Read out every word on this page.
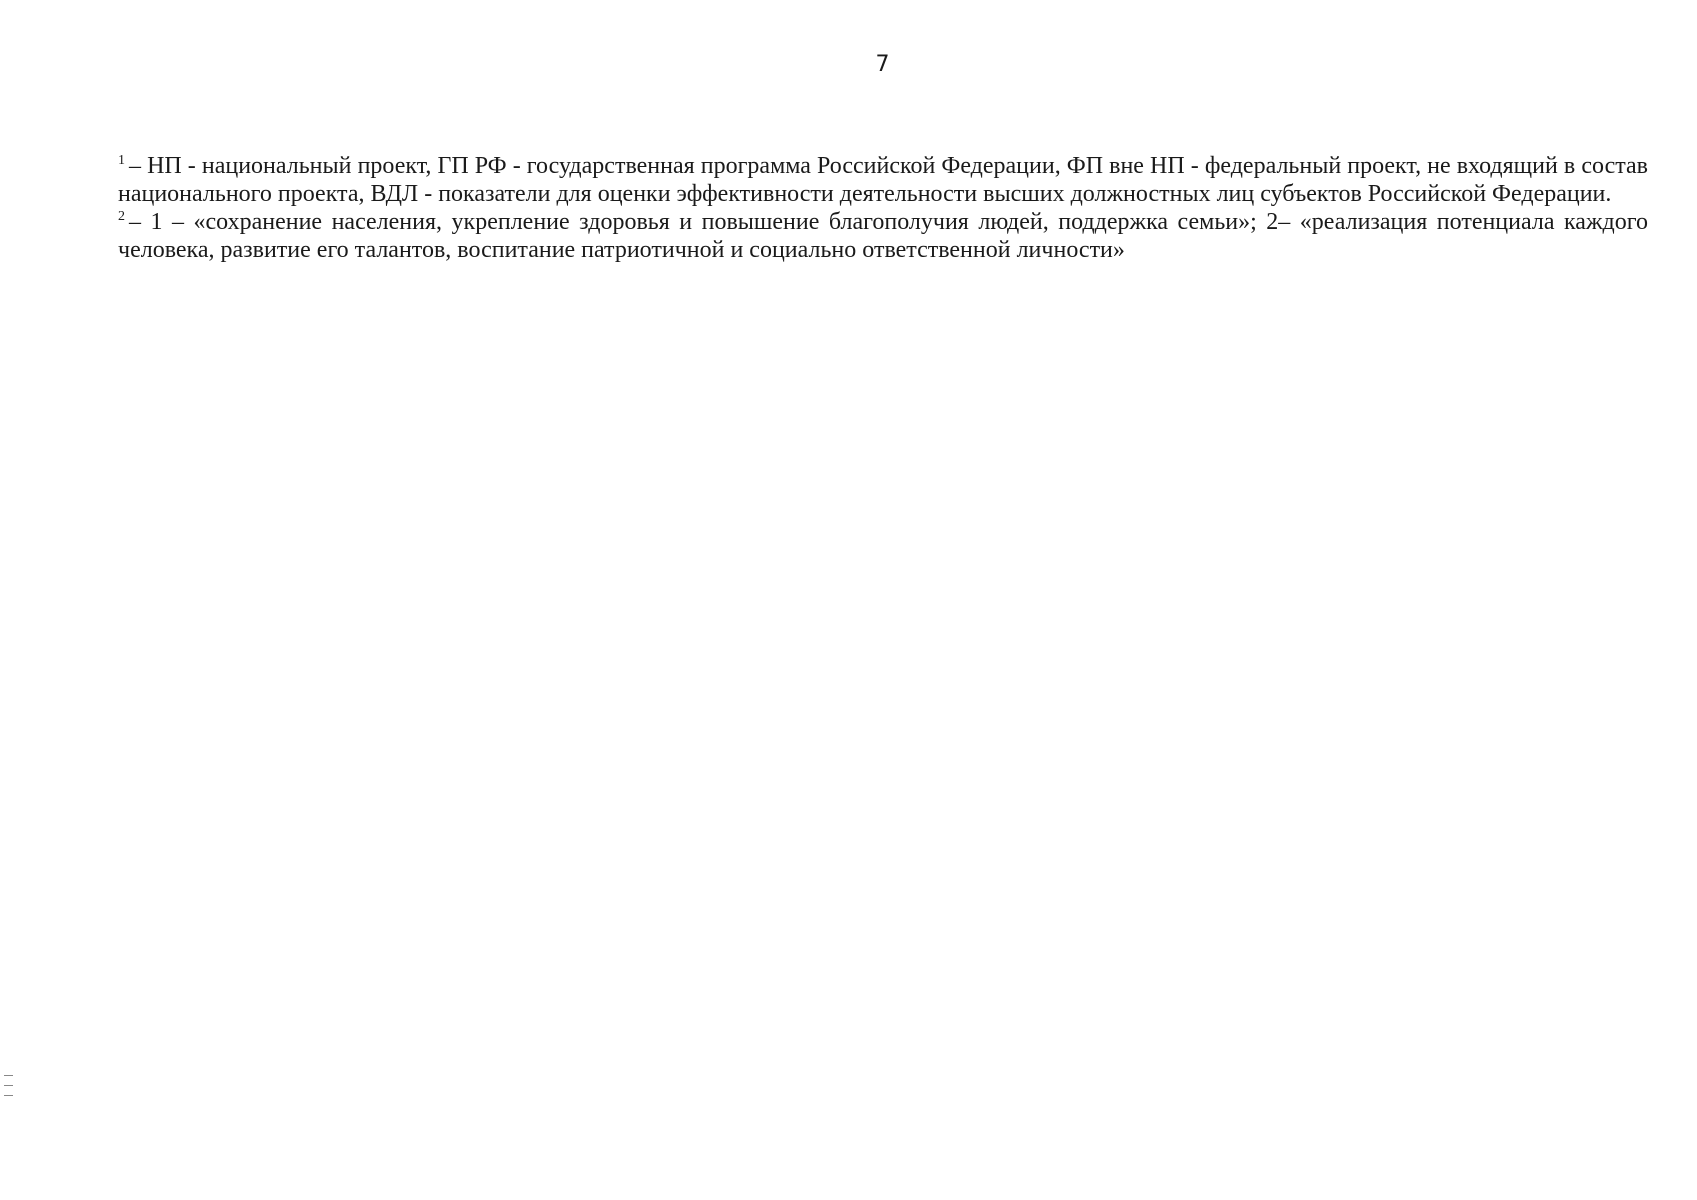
7

$^1$ – НП - национальный проект, ГП РФ - государственная программа Российской Федерации, ФП вне НП - федеральный проект, не входящий в состав национального проекта, ВДЛ - показатели для оценки эффективности деятельности высших должностных лиц субъектов Российской Федерации.

$^2$ – 1 – «сохранение населения, укрепление здоровья и повышение благополучия людей, поддержка семьи»; 2– «реализация потенциала каждого человека, развитие его талантов, воспитание патриотичной и социально ответственной личности»
